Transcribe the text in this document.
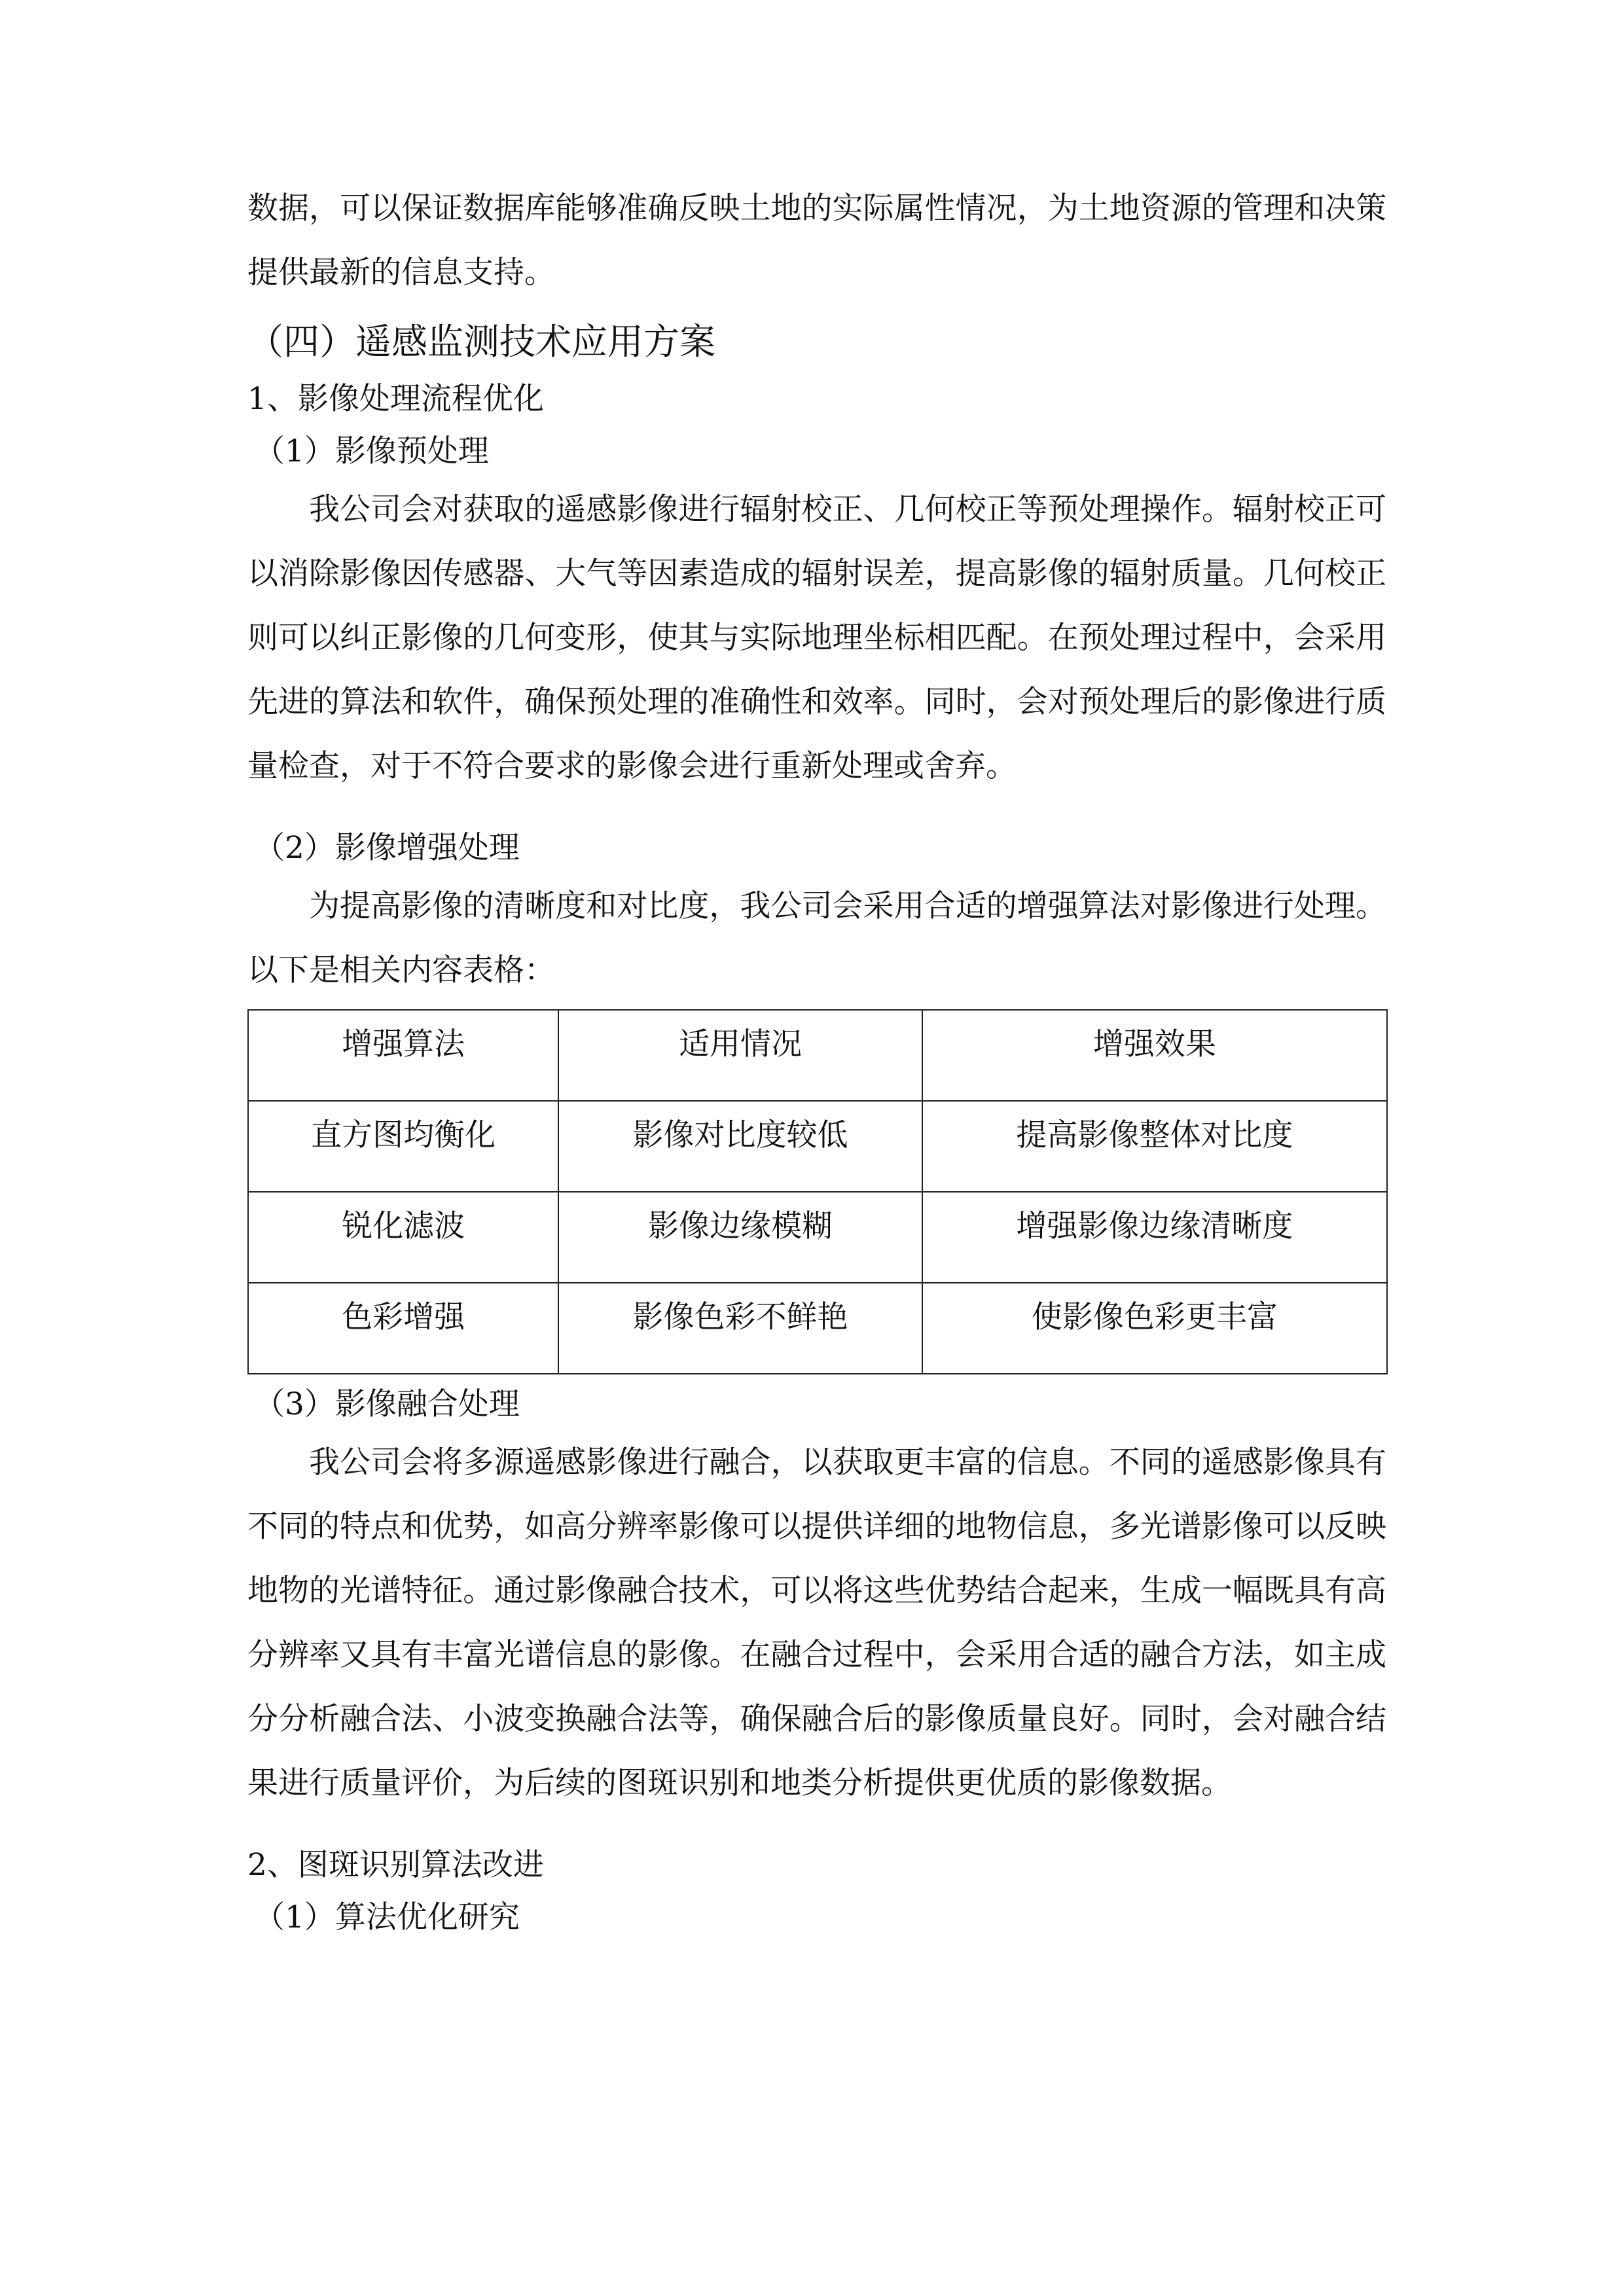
数据，可以保证数据库能够准确反映土地的实际属性情况，为土地资源的管理和决策提供最新的信息支持。

（四）遥感监测技术应用方案

1、影像处理流程优化

（1）影像预处理

我公司会对获取的遥感影像进行辐射校正、几何校正等预处理操作。辐射校正可以消除影像因传感器、大气等因素造成的辐射误差，提高影像的辐射质量。几何校正则可以纠正影像的几何变形，使其与实际地理坐标相匹配。在预处理过程中，会采用先进的算法和软件，确保预处理的准确性和效率。同时，会对预处理后的影像进行质量检查，对于不符合要求的影像会进行重新处理或舍弃。

（2）影像增强处理

为提高影像的清晰度和对比度，我公司会采用合适的增强算法对影像进行处理。以下是相关内容表格：

增强算法	适用情况	增强效果
直方图均衡化	影像对比度较低	提高影像整体对比度
锐化滤波	影像边缘模糊	增强影像边缘清晰度
色彩增强	影像色彩不鲜艳	使影像色彩更丰富

（3）影像融合处理

我公司会将多源遥感影像进行融合，以获取更丰富的信息。不同的遥感影像具有不同的特点和优势，如高分辨率影像可以提供详细的地物信息，多光谱影像可以反映地物的光谱特征。通过影像融合技术，可以将这些优势结合起来，生成一幅既具有高分辨率又具有丰富光谱信息的影像。在融合过程中，会采用合适的融合方法，如主成分分析融合法、小波变换融合法等，确保融合后的影像质量良好。同时，会对融合结果进行质量评价，为后续的图斑识别和地类分析提供更优质的影像数据。

2、图斑识别算法改进

（1）算法优化研究
